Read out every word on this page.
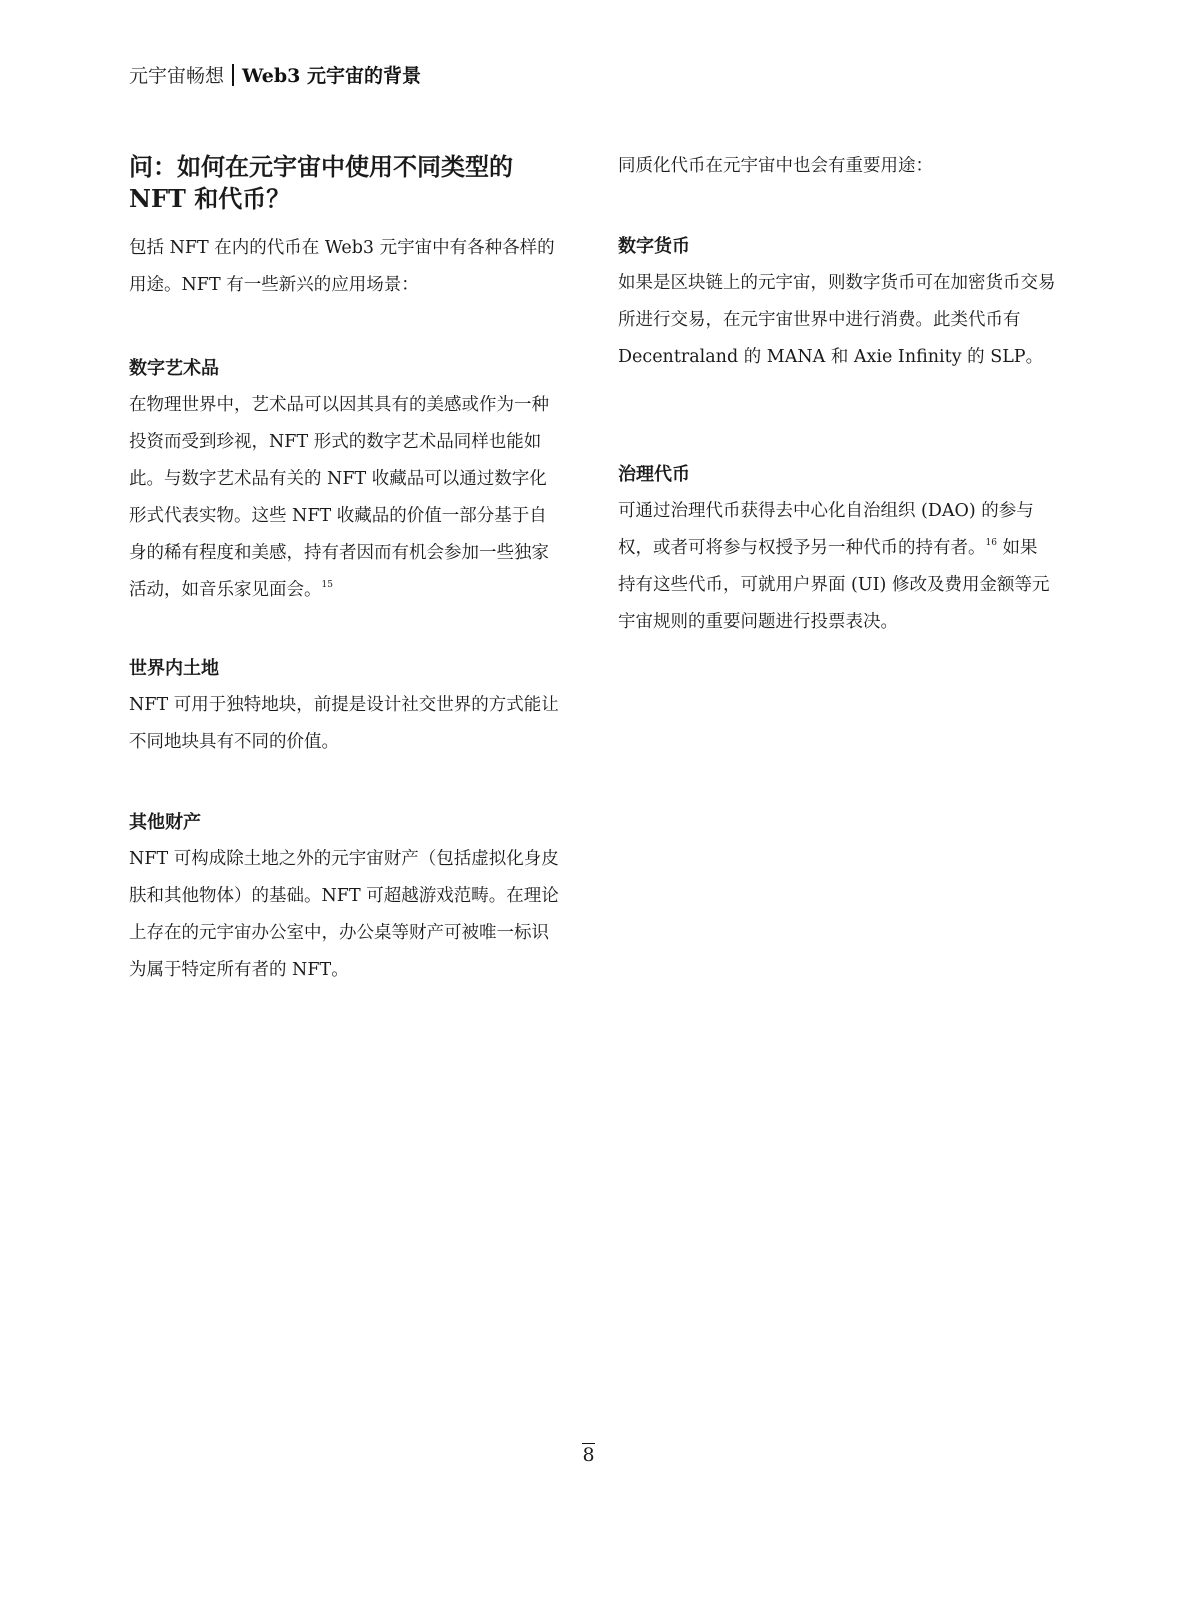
元宇宙畅想 Web3 元宇宙的背景
问：如何在元宇宙中使用不同类型的 NFT 和代币？

包括 NFT 在内的代币在 Web3 元宇宙中有各种各样的用途。NFT 有一些新兴的应用场景：

数字艺术品

在物理世界中，艺术品可以因其具有的美感或作为一种投资而受到珍视，NFT 形式的数字艺术品同样也能如此。与数字艺术品有关的 NFT 收藏品可以通过数字化形式代表实物。这些 NFT 收藏品的价值一部分基于自身的稀有程度和美感，持有者因而有机会参加一些独家活动，如音乐家见面会。$^{15}$

世界内土地

NFT 可用于独特地块，前提是设计社交世界的方式能让不同地块具有不同的价值。

其他财产

NFT 可构成除土地之外的元宇宙财产（包括虚拟化身皮肤和其他物体）的基础。NFT 可超越游戏范畴。在理论上存在的元宇宙办公室中，办公桌等财产可被唯一标识为属于特定所有者的 NFT。

同质化代币在元宇宙中也会有重要用途：

数字货币

如果是区块链上的元宇宙，则数字货币可在加密货币交易所进行交易，在元宇宙世界中进行消费。此类代币有 Decentraland 的 MANA 和 Axie Infinity 的 SLP。

治理代币

可通过治理代币获得去中心化自治组织 (DAO) 的参与权，或者可将参与权授予另一种代币的持有者。$^{16}$ 如果持有这些代币，可就用户界面 (UI) 修改及费用金额等元宇宙规则的重要问题进行投票表决。

8
